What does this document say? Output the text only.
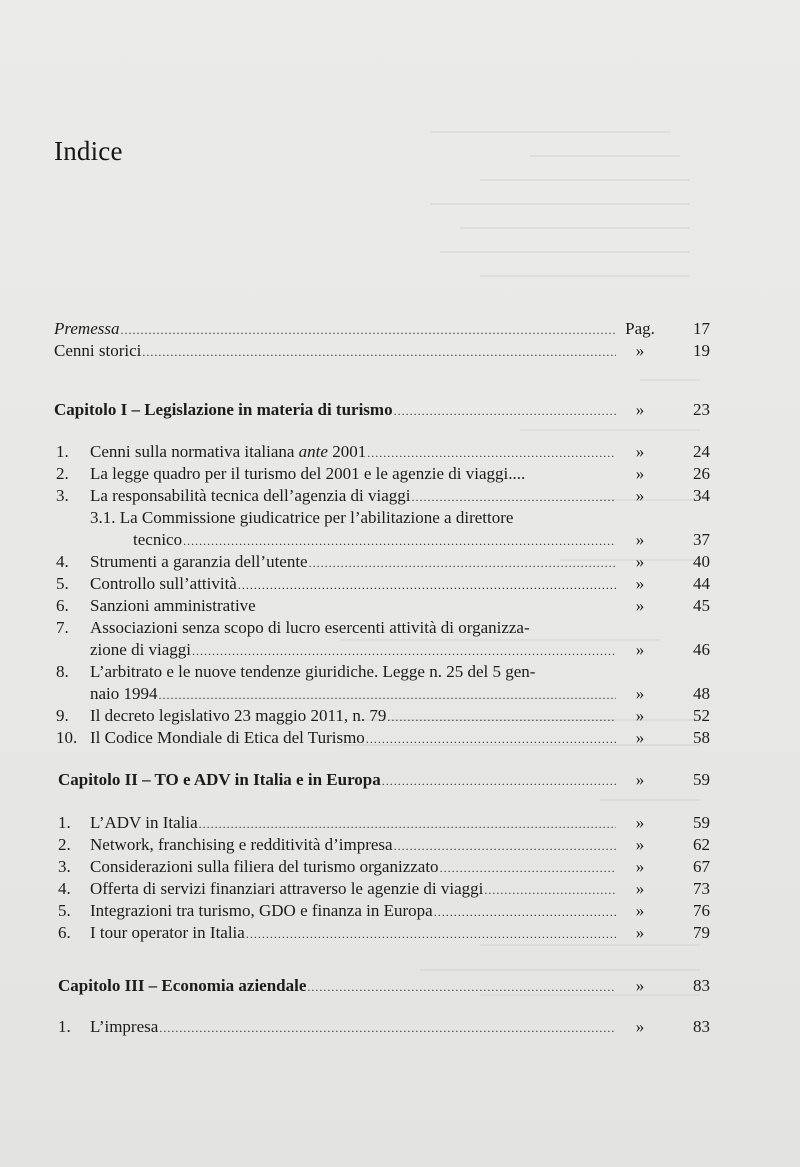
Indice
Premessa .....	Pag.	17
Cenni storici .....	»	19
Capitolo I – Legislazione in materia di turismo .....	»	23
1. Cenni sulla normativa italiana ante 2001 .....	»	24
2. La legge quadro per il turismo del 2001 e le agenzie di viaggi....	»	26
3. La responsabilità tecnica dell’agenzia di viaggi .....	»	34
3.1. La Commissione giudicatrice per l’abilitazione a direttore
tecnico .....	»	37
4. Strumenti a garanzia dell’utente .....	»	40
5. Controllo sull’attività .....	»	44
6. Sanzioni amministrative	»	45
7. Associazioni senza scopo di lucro esercenti attività di organizza-
zione di viaggi .....	»	46
8. L’arbitrato e le nuove tendenze giuridiche. Legge n. 25 del 5 gen-
naio 1994 .....	»	48
9. Il decreto legislativo 23 maggio 2011, n. 79 .....	»	52
10. Il Codice Mondiale di Etica del Turismo .....	»	58
Capitolo II – TO e ADV in Italia e in Europa .....	»	59
1. L’ADV in Italia .....	»	59
2. Network, franchising e redditività d’impresa .....	»	62
3. Considerazioni sulla filiera del turismo organizzato .....	»	67
4. Offerta di servizi finanziari attraverso le agenzie di viaggi .....	»	73
5. Integrazioni tra turismo, GDO e finanza in Europa .....	»	76
6. I tour operator in Italia .....	»	79
Capitolo III – Economia aziendale .....	»	83
1. L’impresa .....	»	83
